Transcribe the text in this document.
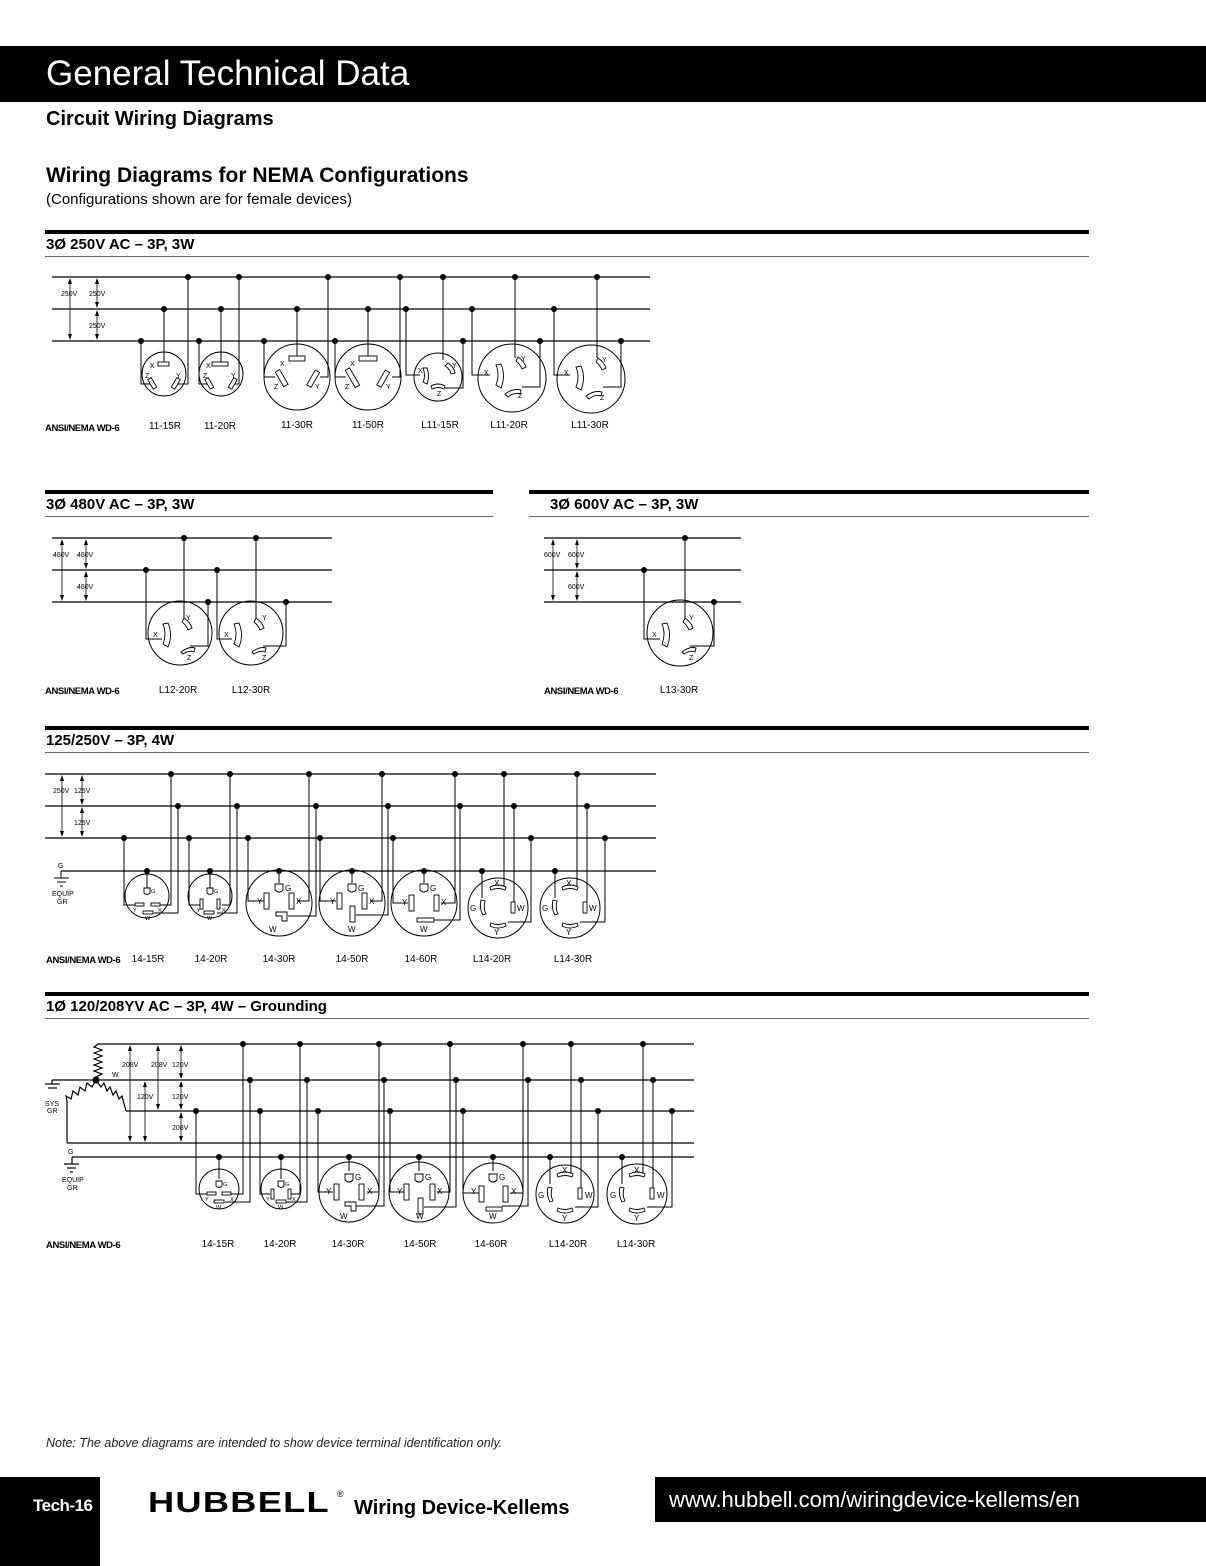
General Technical Data
Circuit Wiring Diagrams
Wiring Diagrams for NEMA Configurations
(Configurations shown are for female devices)
3Ø 250V AC – 3P, 3W
250V 250V
250V
X
Z	Y
X
Z	Y
X
Z	Y
X
Z	Y
X
Y
Z
X
Y
Z
X
Y
Z
ANSI/NEMA WD-6	11-15R 11-20R	11-30R	11-50R	L11-15R	L11-20R	L11-30R
3Ø 480V AC – 3P, 3W
480V 480V
480V
X
Y
Z
X
Y
Z
ANSI/NEMA WD-6	L12-20R	L12-30R
3Ø 600V AC – 3P, 3W
600V 600V
600V
X
Y
Z
ANSI/NEMA WD-6	L13-30R
125/250V – 3P, 4W
G
EQUIP
GR
250V 125V
125V
G
Y	X
W
G
Y	X
W
G
Y	X
W
G
Y	X
W
G
Y	X
W
X
G	W
Y
X
G	W
Y
ANSI/NEMA WD-6 14-15R	14-20R	14-30R	14-50R	14-60R	L14-20R	L14-30R
1Ø 120/208YV AC – 3P, 4W – Grounding
W
SYS
GR
G
EQUIP
GR
208V 208V 120V
120V	120V
208V
G
Y	X
W
G
Y	X
W
G
Y	X
W
G
Y	X
W
G
Y	X
W
X
G	W
Y
X
G	W
Y
ANSI/NEMA WD-6	14-15R	14-20R	14-30R	14-50R	14-60R	L14-20R	L14-30R
Note: The above diagrams are intended to show device terminal identification only.
Tech-16 HUBBELL ®
Wiring Device-Kellems	www.hubbell.com/wiringdevice-kellems/en
